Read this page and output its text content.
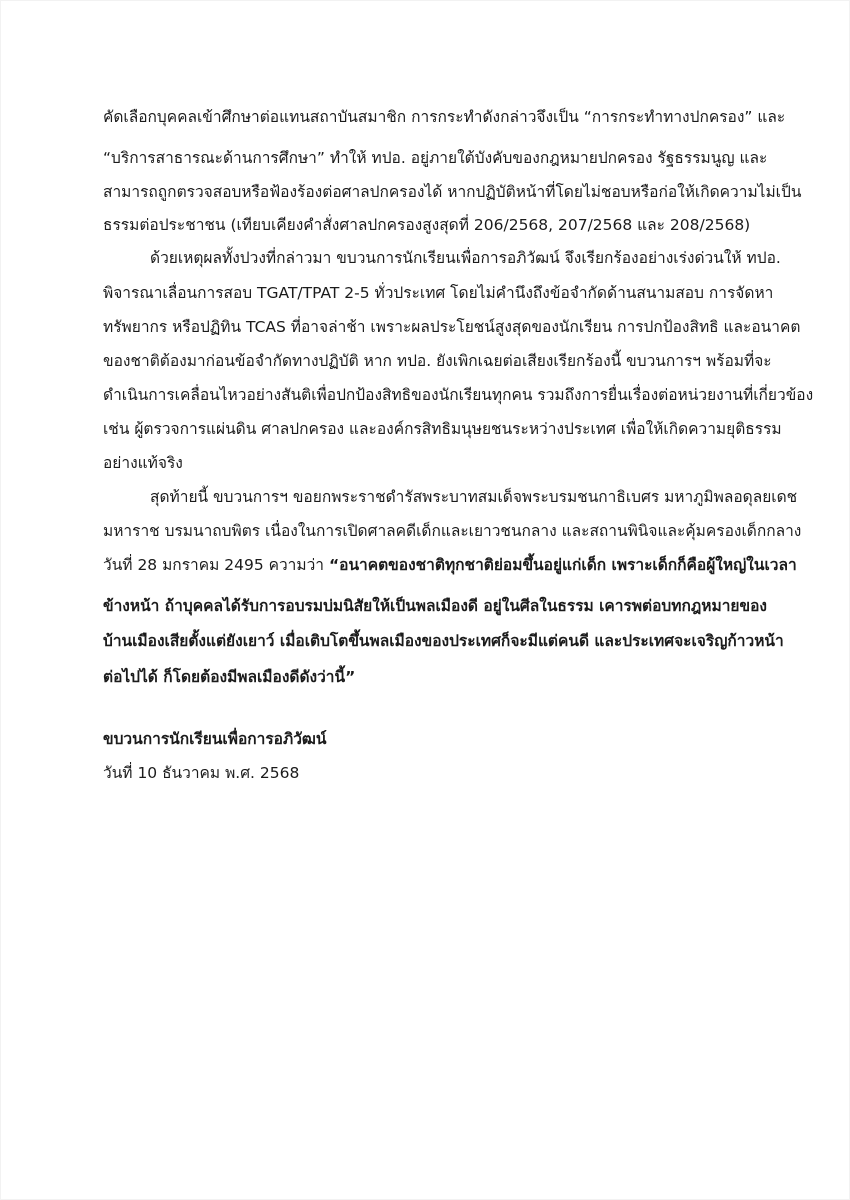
คัดเลือกบุคคลเข้าศึกษาต่อแทนสถาบันสมาชิก การกระทำดังกล่าวจึงเป็น “การกระทำทางปกครอง” และ
“บริการสาธารณะด้านการศึกษา” ทำให้ ทปอ. อยู่ภายใต้บังคับของกฎหมายปกครอง รัฐธรรมนูญ และ
สามารถถูกตรวจสอบหรือฟ้องร้องต่อศาลปกครองได้ หากปฏิบัติหน้าที่โดยไม่ชอบหรือก่อให้เกิดความไม่เป็น
ธรรมต่อประชาชน (เทียบเคียงคำสั่งศาลปกครองสูงสุดที่ 206/2568, 207/2568 และ 208/2568)
ด้วยเหตุผลทั้งปวงที่กล่าวมา ขบวนการนักเรียนเพื่อการอภิวัฒน์ จึงเรียกร้องอย่างเร่งด่วนให้ ทปอ.
พิจารณาเลื่อนการสอบ TGAT/TPAT 2-5 ทั่วประเทศ โดยไม่คำนึงถึงข้อจำกัดด้านสนามสอบ การจัดหา
ทรัพยากร หรือปฏิทิน TCAS ที่อาจล่าช้า เพราะผลประโยชน์สูงสุดของนักเรียน การปกป้องสิทธิ และอนาคต
ของชาติต้องมาก่อนข้อจำกัดทางปฏิบัติ หาก ทปอ. ยังเพิกเฉยต่อเสียงเรียกร้องนี้ ขบวนการฯ พร้อมที่จะ
ดำเนินการเคลื่อนไหวอย่างสันติเพื่อปกป้องสิทธิของนักเรียนทุกคน รวมถึงการยื่นเรื่องต่อหน่วยงานที่เกี่ยวข้อง
เช่น ผู้ตรวจการแผ่นดิน ศาลปกครอง และองค์กรสิทธิมนุษยชนระหว่างประเทศ เพื่อให้เกิดความยุติธรรม
อย่างแท้จริง
สุดท้ายนี้ ขบวนการฯ ขอยกพระราชดำรัสพระบาทสมเด็จพระบรมชนกาธิเบศร มหาภูมิพลอดุลยเดช
มหาราช บรมนาถบพิตร เนื่องในการเปิดศาลคดีเด็กและเยาวชนกลาง และสถานพินิจและคุ้มครองเด็กกลาง
วันที่ 28 มกราคม 2495 ความว่า “อนาคตของชาติทุกชาติย่อมขึ้นอยู่แก่เด็ก เพราะเด็กก็คือผู้ใหญ่ในเวลา
ข้างหน้า ถ้าบุคคลได้รับการอบรมบ่มนิสัยให้เป็นพลเมืองดี อยู่ในศีลในธรรม เคารพต่อบทกฎหมายของ
บ้านเมืองเสียตั้งแต่ยังเยาว์ เมื่อเติบโตขึ้นพลเมืองของประเทศก็จะมีแต่คนดี และประเทศจะเจริญก้าวหน้า
ต่อไปได้ ก็โดยต้องมีพลเมืองดีดังว่านี้”
ขบวนการนักเรียนเพื่อการอภิวัฒน์
วันที่ 10 ธันวาคม พ.ศ. 2568
